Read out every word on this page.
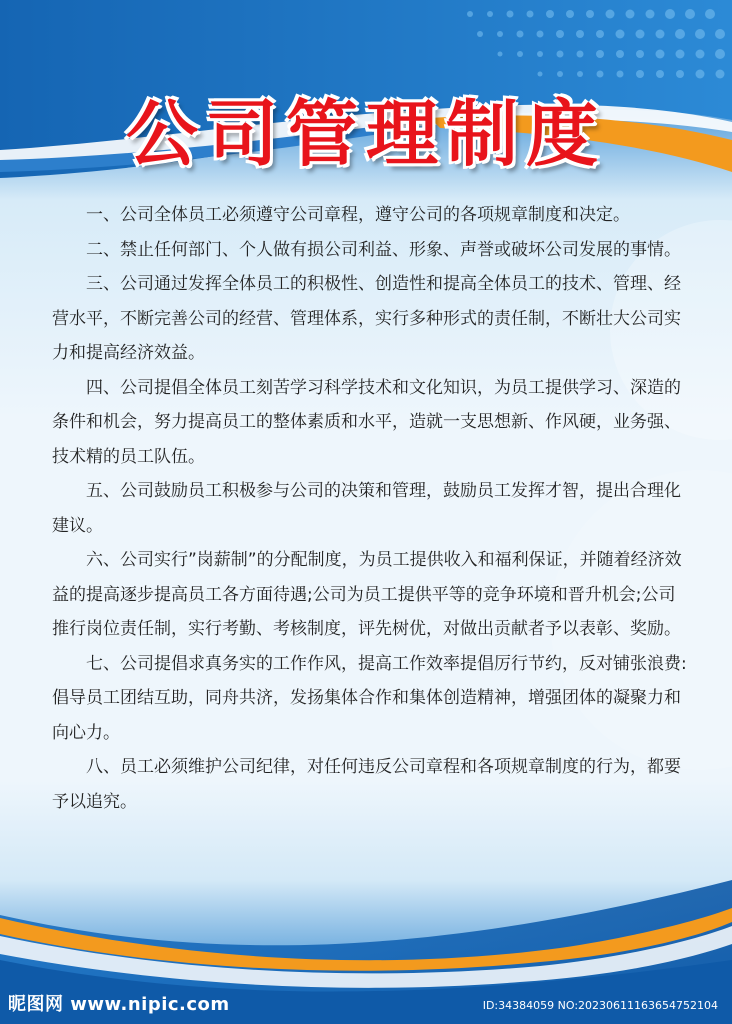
公司管理制度

一、公司全体员工必须遵守公司章程，遵守公司的各项规章制度和决定。

二、禁止任何部门、个人做有损公司利益、形象、声誉或破坏公司发展的事情。

三、公司通过发挥全体员工的积极性、创造性和提高全体员工的技术、管理、经营水平，不断完善公司的经营、管理体系，实行多种形式的责任制，不断壮大公司实力和提高经济效益。

四、公司提倡全体员工刻苦学习科学技术和文化知识，为员工提供学习、深造的条件和机会，努力提高员工的整体素质和水平，造就一支思想新、作风硬，业务强、技术精的员工队伍。

五、公司鼓励员工积极参与公司的决策和管理，鼓励员工发挥才智，提出合理化建议。

六、公司实行”岗薪制”的分配制度，为员工提供收入和福利保证，并随着经济效益的提高逐步提高员工各方面待遇;公司为员工提供平等的竞争环境和晋升机会;公司推行岗位责任制，实行考勤、考核制度，评先树优，对做出贡献者予以表彰、奖励。

七、公司提倡求真务实的工作作风，提高工作效率提倡厉行节约，反对铺张浪费:倡导员工团结互助，同舟共济，发扬集体合作和集体创造精神，增强团体的凝聚力和向心力。

八、员工必须维护公司纪律，对任何违反公司章程和各项规章制度的行为，都要予以追究。

昵图网 www.nipic.com	ID:34384059 NO:20230611163654752104
